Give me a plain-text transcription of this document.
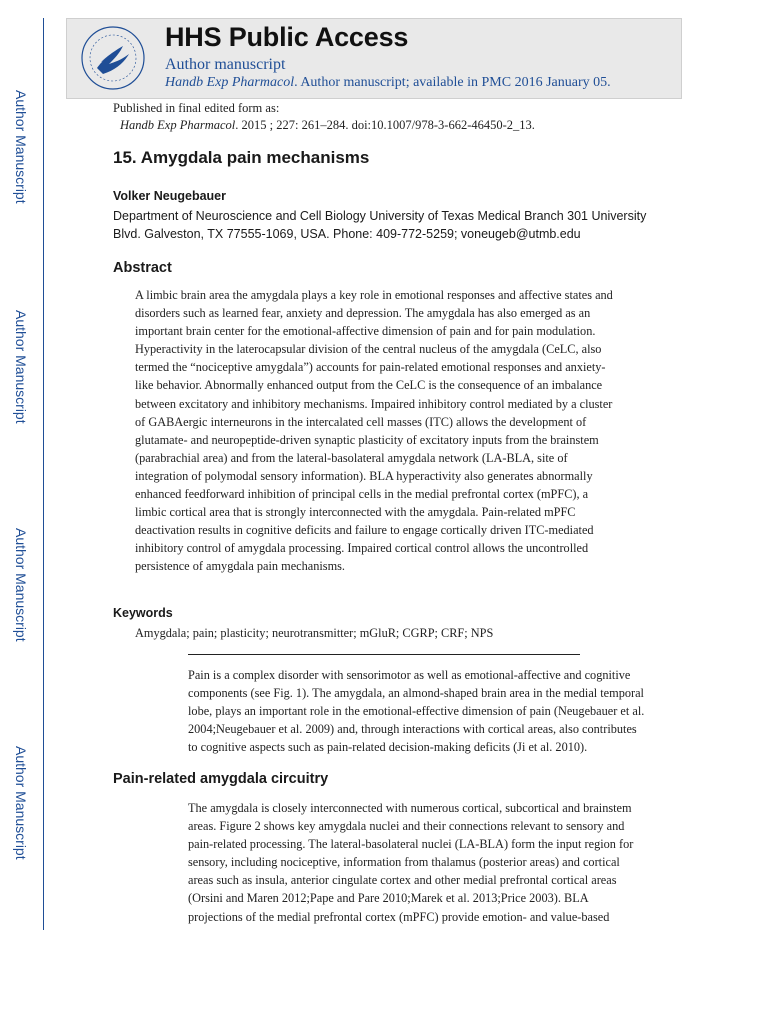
Author Manuscript
Author Manuscript
Author Manuscript
Author Manuscript
HHS Public Access
Author manuscript
Handb Exp Pharmacol. Author manuscript; available in PMC 2016 January 05.
Published in final edited form as:
Handb Exp Pharmacol. 2015 ; 227: 261–284. doi:10.1007/978-3-662-46450-2_13.
15. Amygdala pain mechanisms
Volker Neugebauer
Department of Neuroscience and Cell Biology University of Texas Medical Branch 301 University
Blvd. Galveston, TX 77555-1069, USA. Phone: 409-772-5259; voneugeb@utmb.edu
Abstract
A limbic brain area the amygdala plays a key role in emotional responses and affective states and
disorders such as learned fear, anxiety and depression. The amygdala has also emerged as an
important brain center for the emotional-affective dimension of pain and for pain modulation.
Hyperactivity in the laterocapsular division of the central nucleus of the amygdala (CeLC, also
termed the “nociceptive amygdala”) accounts for pain-related emotional responses and anxiety-
like behavior. Abnormally enhanced output from the CeLC is the consequence of an imbalance
between excitatory and inhibitory mechanisms. Impaired inhibitory control mediated by a cluster
of GABAergic interneurons in the intercalated cell masses (ITC) allows the development of
glutamate- and neuropeptide-driven synaptic plasticity of excitatory inputs from the brainstem
(parabrachial area) and from the lateral-basolateral amygdala network (LA-BLA, site of
integration of polymodal sensory information). BLA hyperactivity also generates abnormally
enhanced feedforward inhibition of principal cells in the medial prefrontal cortex (mPFC), a
limbic cortical area that is strongly interconnected with the amygdala. Pain-related mPFC
deactivation results in cognitive deficits and failure to engage cortically driven ITC-mediated
inhibitory control of amygdala processing. Impaired cortical control allows the uncontrolled
persistence of amygdala pain mechanisms.
Keywords
Amygdala; pain; plasticity; neurotransmitter; mGluR; CGRP; CRF; NPS
Pain is a complex disorder with sensorimotor as well as emotional-affective and cognitive
components (see Fig. 1). The amygdala, an almond-shaped brain area in the medial temporal
lobe, plays an important role in the emotional-effective dimension of pain (Neugebauer et al.
2004;Neugebauer et al. 2009) and, through interactions with cortical areas, also contributes
to cognitive aspects such as pain-related decision-making deficits (Ji et al. 2010).
Pain-related amygdala circuitry
The amygdala is closely interconnected with numerous cortical, subcortical and brainstem
areas. Figure 2 shows key amygdala nuclei and their connections relevant to sensory and
pain-related processing. The lateral-basolateral nuclei (LA-BLA) form the input region for
sensory, including nociceptive, information from thalamus (posterior areas) and cortical
areas such as insula, anterior cingulate cortex and other medial prefrontal cortical areas
(Orsini and Maren 2012;Pape and Pare 2010;Marek et al. 2013;Price 2003). BLA
projections of the medial prefrontal cortex (mPFC) provide emotion- and value-based
